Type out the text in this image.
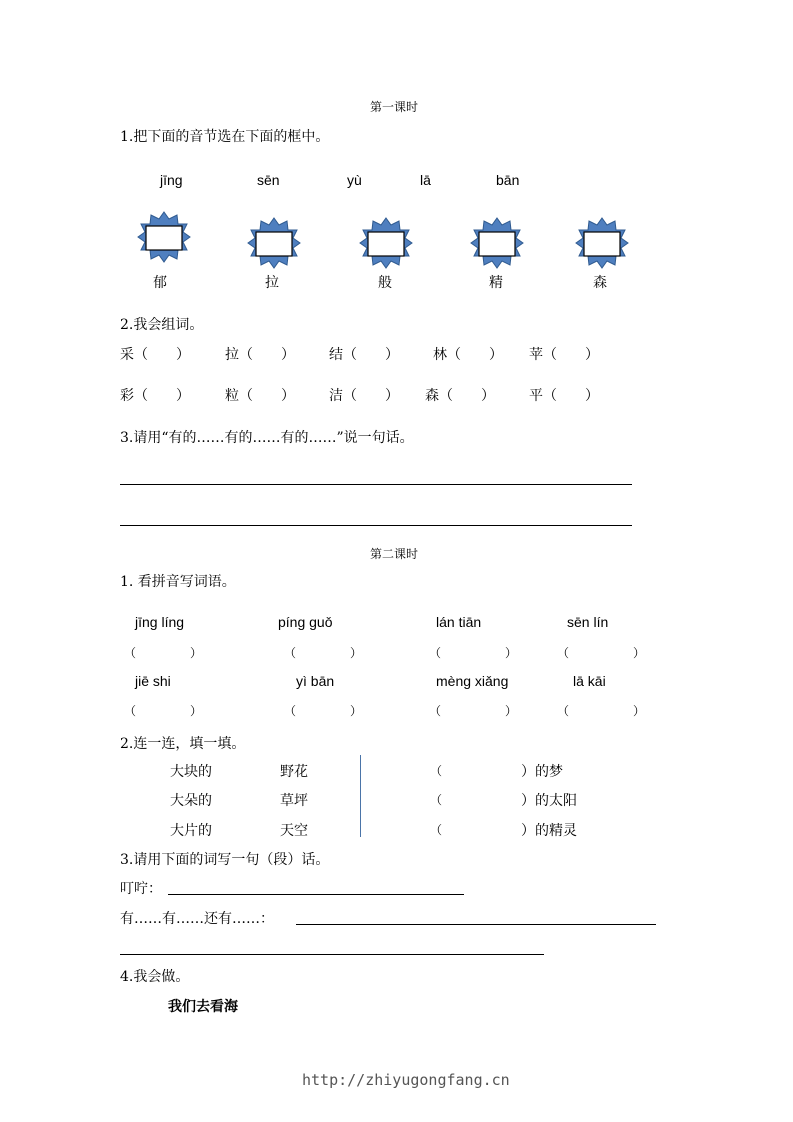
第一课时
1.把下面的音节选在下面的框中。
jīng	sēn	yù	lā	bān
郁	拉	般	精	森
2.我会组词。
采（　　）	拉（　　） 结（　　） 林（　　） 苹（　　）
彩（　　）	粒（　　） 洁（　　） 森（　　） 平（　　）
3.请用“有的……有的……有的……”说一句话。
第二课时
1. 看拼音写词语。
jīng líng	píng guǒ	lán tiān	sēn lín
（	）	（	）	（	）	（	）
jiē shi	yì bān	mèng xiǎng	lā kāi
（	）	（	）	（	）	（	）
2.连一连，填一填。
大块的	野花	（	）的梦
大朵的	草坪	（	）的太阳
大片的	天空	（	）的精灵
3.请用下面的词写一句（段）话。
叮咛：
有……有……还有……：
4.我会做。
我们去看海
http://zhiyugongfang.cn
